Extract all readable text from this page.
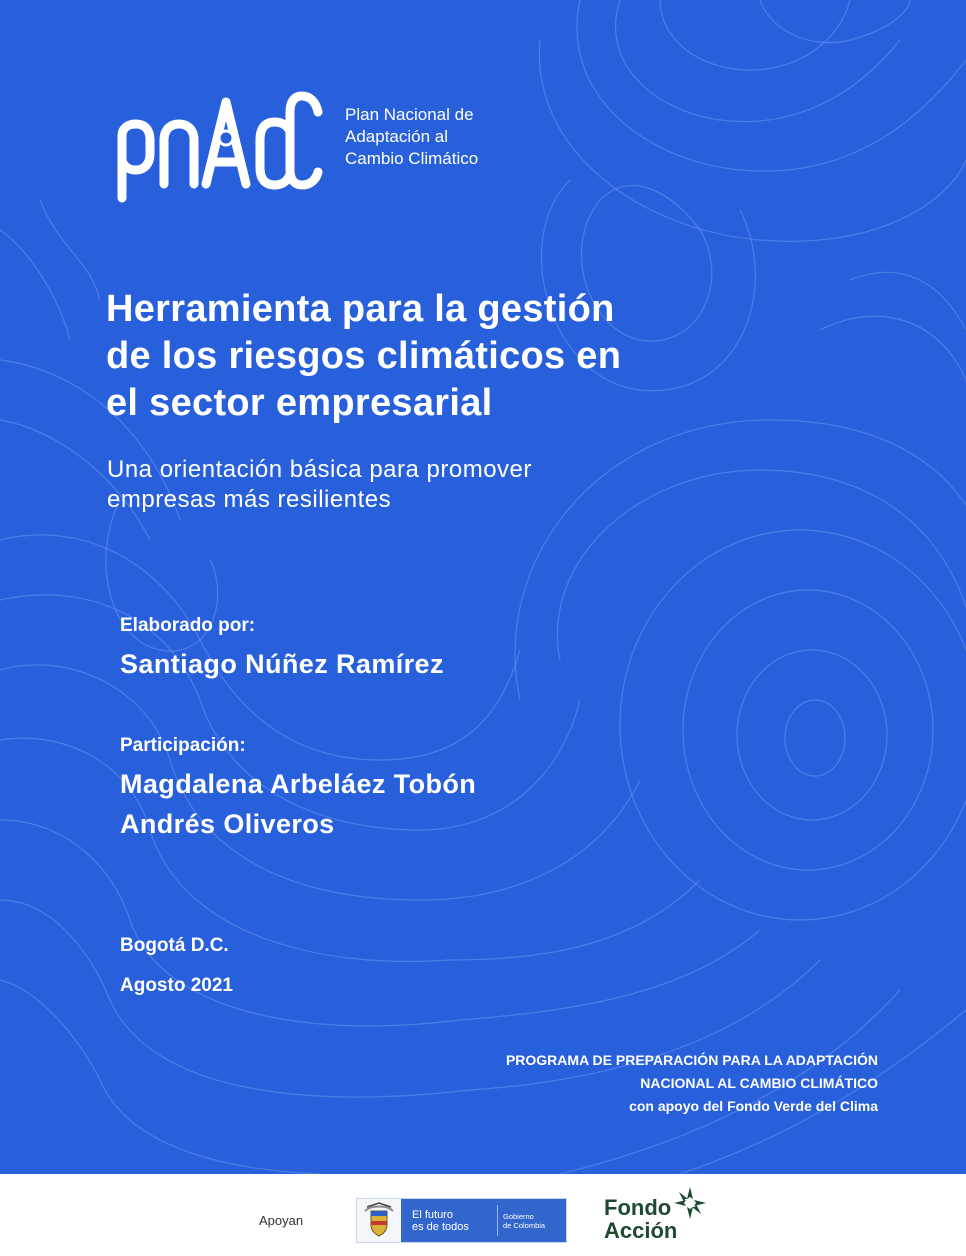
Plan Nacional de
Adaptación al
Cambio Climático
Herramienta para la gestión
de los riesgos climáticos en
el sector empresarial
Una orientación básica para promover
empresas más resilientes
Elaborado por:
Santiago Núñez Ramírez
Participación:
Magdalena Arbeláez Tobón
Andrés Oliveros
Bogotá D.C.
Agosto 2021
PROGRAMA DE PREPARACIÓN PARA LA ADAPTACIÓN
NACIONAL AL CAMBIO CLIMÁTICO
con apoyo del Fondo Verde del Clima
Apoyan	El futuro
es de todos
Gobierno
de Colombia
Fondo
Acción
